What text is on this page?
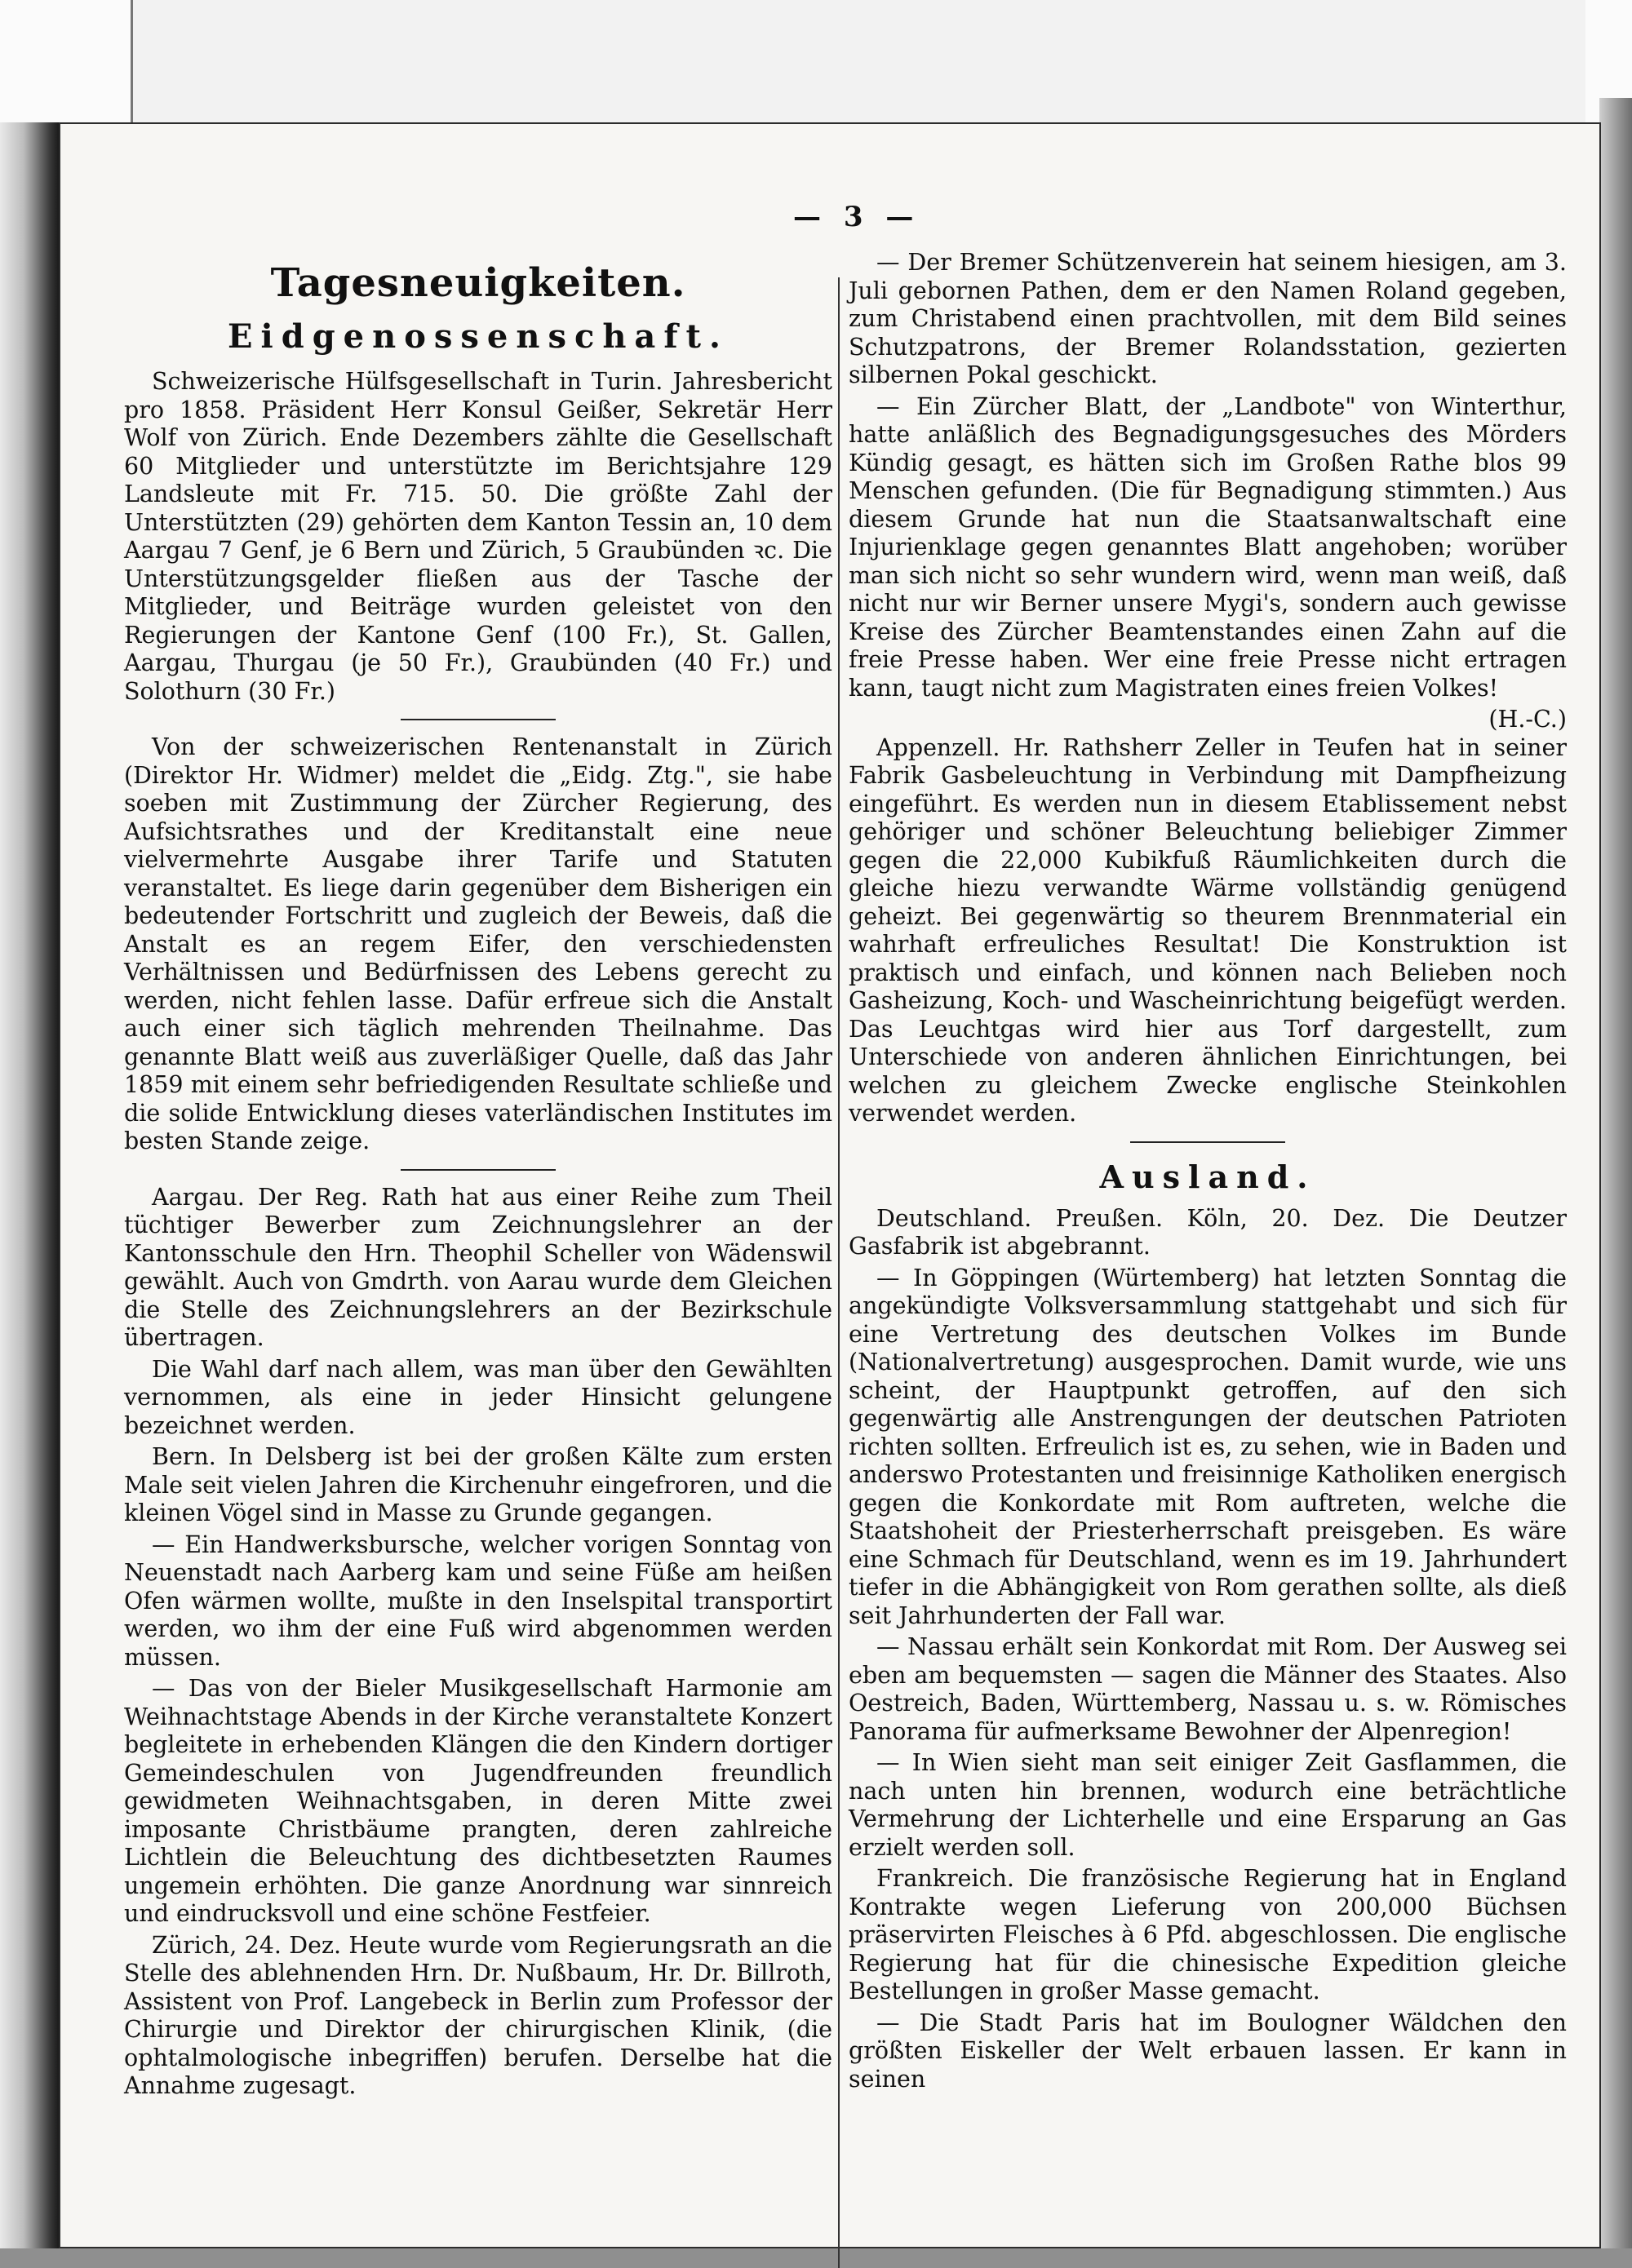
— 3 —
Tagesneuigkeiten.
Eidgenossenschaft.

Schweizerische Hülfsgesellschaft in Turin. Jahresbericht pro 1858. Präsident Herr Konsul Geißer, Sekretär Herr Wolf von Zürich. Ende Dezembers zählte die Gesellschaft 60 Mitglieder und unterstützte im Berichtsjahre 129 Landsleute mit Fr. 715. 50. Die größte Zahl der Unterstützten (29) gehörten dem Kanton Tessin an, 10 dem Aargau 7 Genf, je 6 Bern und Zürich, 5 Graubünden ꝛc. Die Unterstützungsgelder fließen aus der Tasche der Mitglieder, und Beiträge wurden geleistet von den Regierungen der Kantone Genf (100 Fr.), St. Gallen, Aargau, Thurgau (je 50 Fr.), Graubünden (40 Fr.) und Solothurn (30 Fr.)

Von der schweizerischen Rentenanstalt in Zürich (Direktor Hr. Widmer) meldet die „Eidg. Ztg.", sie habe soeben mit Zustimmung der Zürcher Regierung, des Aufsichtsrathes und der Kreditanstalt eine neue vielvermehrte Ausgabe ihrer Tarife und Statuten veranstaltet. Es liege darin gegenüber dem Bisherigen ein bedeutender Fortschritt und zugleich der Beweis, daß die Anstalt es an regem Eifer, den verschiedensten Verhältnissen und Bedürfnissen des Lebens gerecht zu werden, nicht fehlen lasse. Dafür erfreue sich die Anstalt auch einer sich täglich mehrenden Theilnahme. Das genannte Blatt weiß aus zuverläßiger Quelle, daß das Jahr 1859 mit einem sehr befriedigenden Resultate schließe und die solide Entwicklung dieses vaterländischen Institutes im besten Stande zeige.

Aargau. Der Reg. Rath hat aus einer Reihe zum Theil tüchtiger Bewerber zum Zeichnungslehrer an der Kantonsschule den Hrn. Theophil Scheller von Wädenswil gewählt. Auch von Gmdrth. von Aarau wurde dem Gleichen die Stelle des Zeichnungslehrers an der Bezirkschule übertragen.

Die Wahl darf nach allem, was man über den Gewählten vernommen, als eine in jeder Hinsicht gelungene bezeichnet werden.

Bern. In Delsberg ist bei der großen Kälte zum ersten Male seit vielen Jahren die Kirchenuhr eingefroren, und die kleinen Vögel sind in Masse zu Grunde gegangen.

— Ein Handwerksbursche, welcher vorigen Sonntag von Neuenstadt nach Aarberg kam und seine Füße am heißen Ofen wärmen wollte, mußte in den Inselspital transportirt werden, wo ihm der eine Fuß wird abgenommen werden müssen.

— Das von der Bieler Musikgesellschaft Harmonie am Weihnachtstage Abends in der Kirche veranstaltete Konzert begleitete in erhebenden Klängen die den Kindern dortiger Gemeindeschulen von Jugendfreunden freundlich gewidmeten Weihnachtsgaben, in deren Mitte zwei imposante Christbäume prangten, deren zahlreiche Lichtlein die Beleuchtung des dichtbesetzten Raumes ungemein erhöhten. Die ganze Anordnung war sinnreich und eindrucksvoll und eine schöne Festfeier.

Zürich, 24. Dez. Heute wurde vom Regierungsrath an die Stelle des ablehnenden Hrn. Dr. Nußbaum, Hr. Dr. Billroth, Assistent von Prof. Langebeck in Berlin zum Professor der Chirurgie und Direktor der chirurgischen Klinik, (die ophtalmologische inbegriffen) berufen. Derselbe hat die Annahme zugesagt.

— Der Bremer Schützenverein hat seinem hiesigen, am 3. Juli gebornen Pathen, dem er den Namen Roland gegeben, zum Christabend einen prachtvollen, mit dem Bild seines Schutzpatrons, der Bremer Rolandsstation, gezierten silbernen Pokal geschickt.

— Ein Zürcher Blatt, der „Landbote" von Winterthur, hatte anläßlich des Begnadigungsgesuches des Mörders Kündig gesagt, es hätten sich im Großen Rathe blos 99 Menschen gefunden. (Die für Begnadigung stimmten.) Aus diesem Grunde hat nun die Staatsanwaltschaft eine Injurienklage gegen genanntes Blatt angehoben; worüber man sich nicht so sehr wundern wird, wenn man weiß, daß nicht nur wir Berner unsere Mygi's, sondern auch gewisse Kreise des Zürcher Beamtenstandes einen Zahn auf die freie Presse haben. Wer eine freie Presse nicht ertragen kann, taugt nicht zum Magistraten eines freien Volkes!

(H.-C.)

Appenzell. Hr. Rathsherr Zeller in Teufen hat in seiner Fabrik Gasbeleuchtung in Verbindung mit Dampfheizung eingeführt. Es werden nun in diesem Etablissement nebst gehöriger und schöner Beleuchtung beliebiger Zimmer gegen die 22,000 Kubikfuß Räumlichkeiten durch die gleiche hiezu verwandte Wärme vollständig genügend geheizt. Bei gegenwärtig so theurem Brennmaterial ein wahrhaft erfreuliches Resultat! Die Konstruktion ist praktisch und einfach, und können nach Belieben noch Gasheizung, Koch- und Wascheinrichtung beigefügt werden. Das Leuchtgas wird hier aus Torf dargestellt, zum Unterschiede von anderen ähnlichen Einrichtungen, bei welchen zu gleichem Zwecke englische Steinkohlen verwendet werden.

Ausland.

Deutschland. Preußen. Köln, 20. Dez. Die Deutzer Gasfabrik ist abgebrannt.

— In Göppingen (Würtemberg) hat letzten Sonntag die angekündigte Volksversammlung stattgehabt und sich für eine Vertretung des deutschen Volkes im Bunde (Nationalvertretung) ausgesprochen. Damit wurde, wie uns scheint, der Hauptpunkt getroffen, auf den sich gegenwärtig alle Anstrengungen der deutschen Patrioten richten sollten. Erfreulich ist es, zu sehen, wie in Baden und anderswo Protestanten und freisinnige Katholiken energisch gegen die Konkordate mit Rom auftreten, welche die Staatshoheit der Priesterherrschaft preisgeben. Es wäre eine Schmach für Deutschland, wenn es im 19. Jahrhundert tiefer in die Abhängigkeit von Rom gerathen sollte, als dieß seit Jahrhunderten der Fall war.

— Nassau erhält sein Konkordat mit Rom. Der Ausweg sei eben am bequemsten — sagen die Männer des Staates. Also Oestreich, Baden, Württemberg, Nassau u. s. w. Römisches Panorama für aufmerksame Bewohner der Alpenregion!

— In Wien sieht man seit einiger Zeit Gasflammen, die nach unten hin brennen, wodurch eine beträchtliche Vermehrung der Lichterhelle und eine Ersparung an Gas erzielt werden soll.

Frankreich. Die französische Regierung hat in England Kontrakte wegen Lieferung von 200,000 Büchsen präservirten Fleisches à 6 Pfd. abgeschlossen. Die englische Regierung hat für die chinesische Expedition gleiche Bestellungen in großer Masse gemacht.

— Die Stadt Paris hat im Boulogner Wäldchen den größten Eiskeller der Welt erbauen lassen. Er kann in seinen
